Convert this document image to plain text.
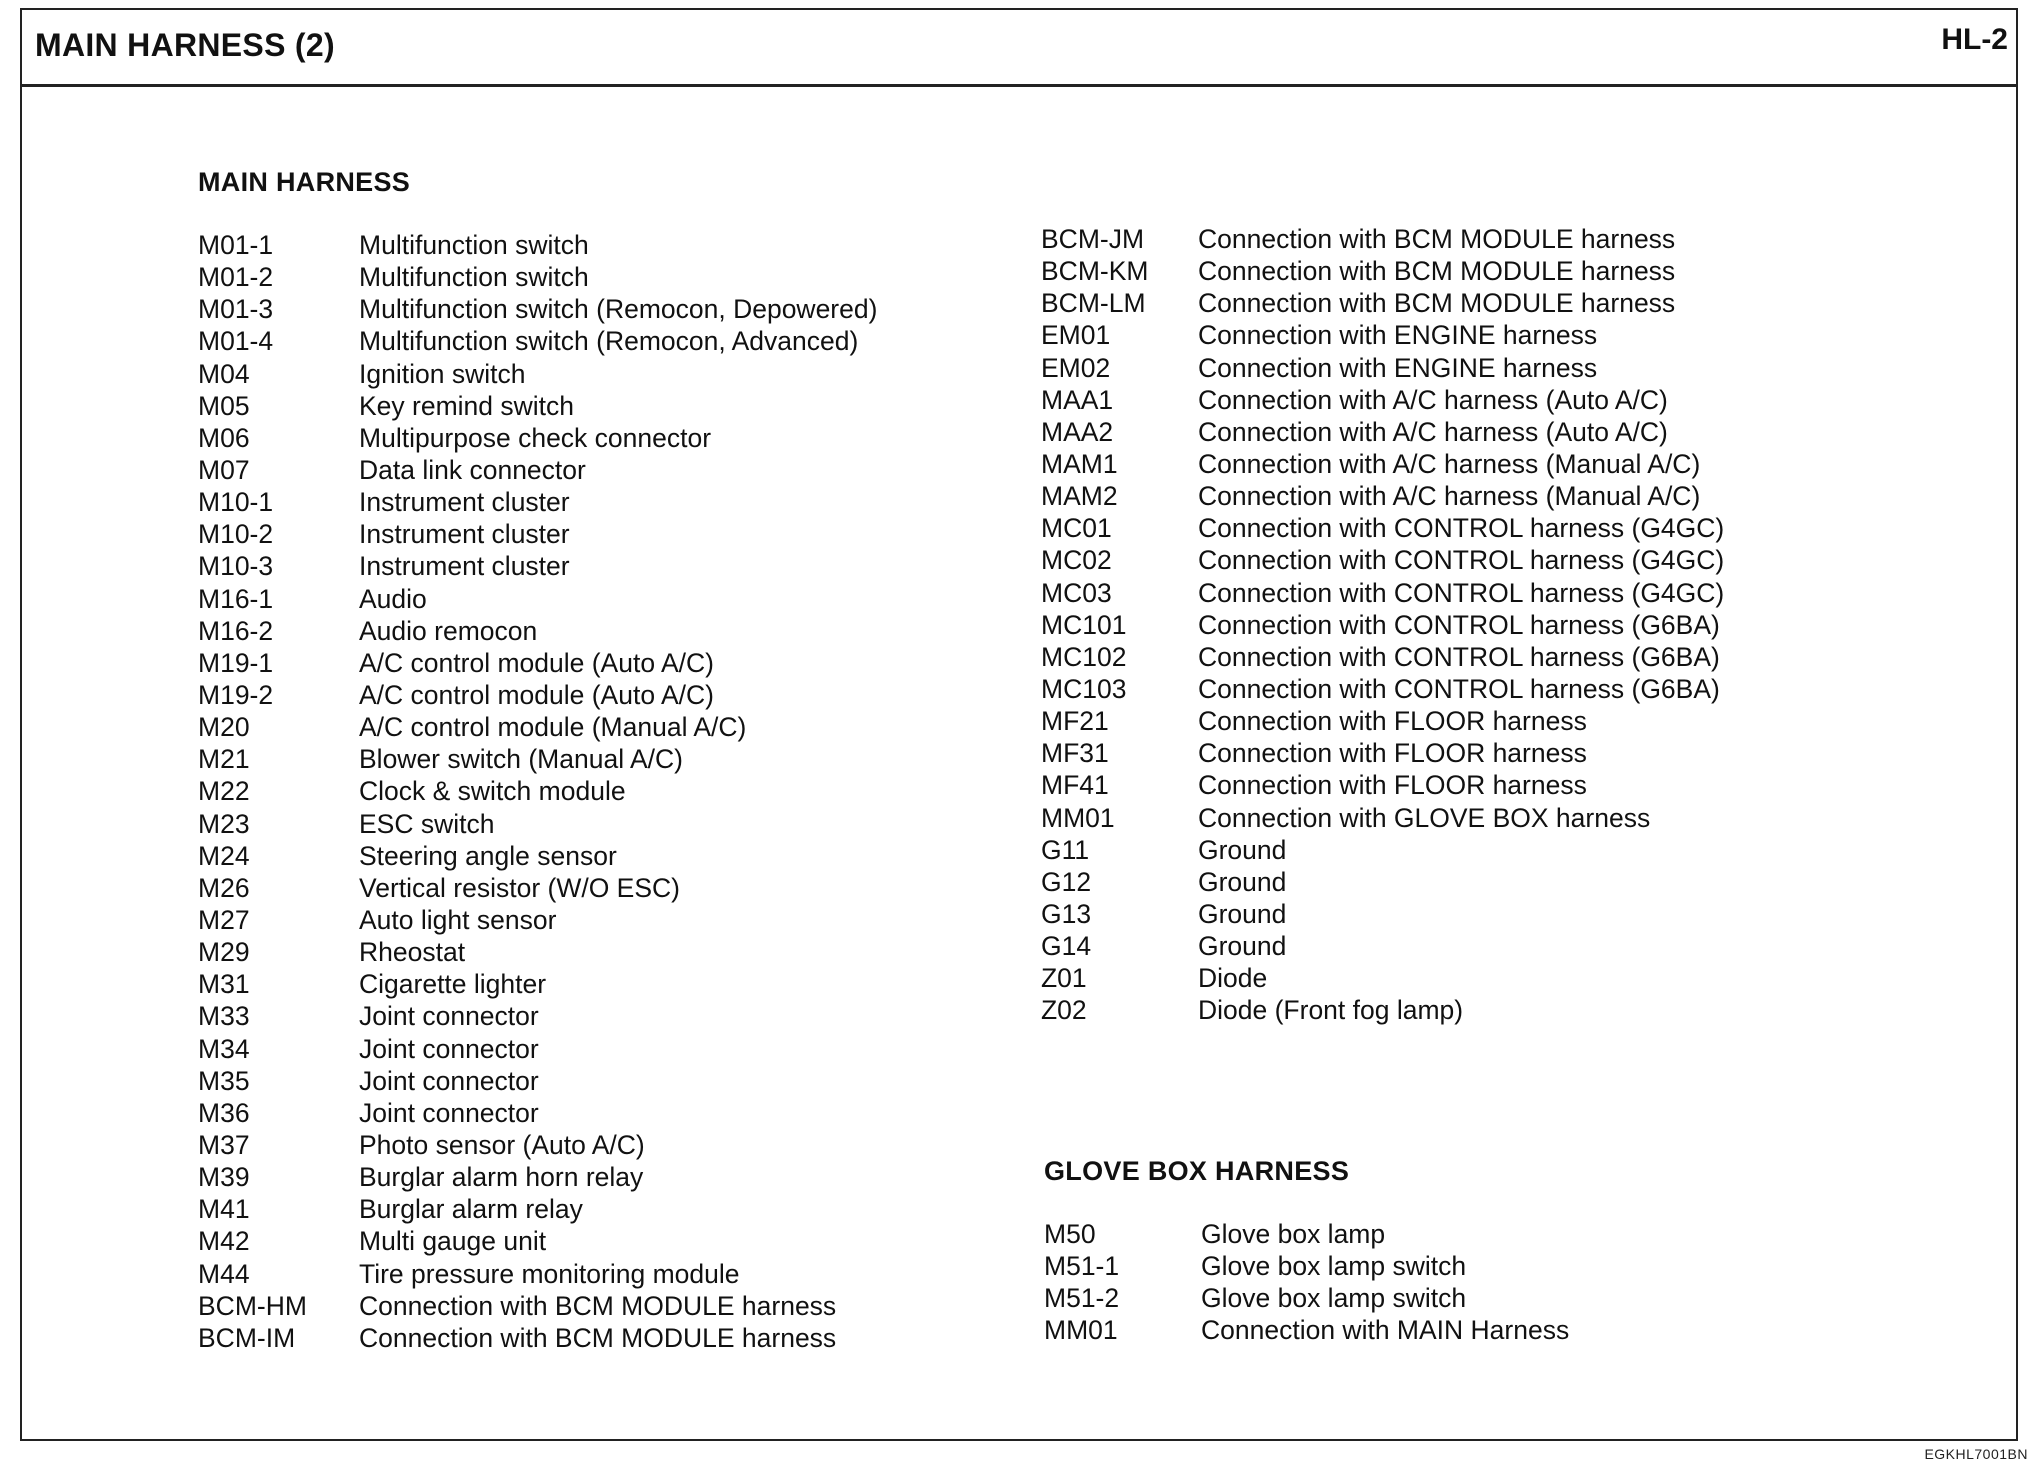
MAIN HARNESS (2)	HL-2
MAIN HARNESS
M01-1	Multifunction switch
M01-2	Multifunction switch
M01-3	Multifunction switch (Remocon, Depowered)
M01-4	Multifunction switch (Remocon, Advanced)
M04	Ignition switch
M05	Key remind switch
M06	Multipurpose check connector
M07	Data link connector
M10-1	Instrument cluster
M10-2	Instrument cluster
M10-3	Instrument cluster
M16-1	Audio
M16-2	Audio remocon
M19-1	A/C control module (Auto A/C)
M19-2	A/C control module (Auto A/C)
M20	A/C control module (Manual A/C)
M21	Blower switch (Manual A/C)
M22	Clock & switch module
M23	ESC switch
M24	Steering angle sensor
M26	Vertical resistor (W/O ESC)
M27	Auto light sensor
M29	Rheostat
M31	Cigarette lighter
M33	Joint connector
M34	Joint connector
M35	Joint connector
M36	Joint connector
M37	Photo sensor (Auto A/C)
M39	Burglar alarm horn relay
M41	Burglar alarm relay
M42	Multi gauge unit
M44	Tire pressure monitoring module
BCM-HM Connection with BCM MODULE harness
BCM-IM Connection with BCM MODULE harness
BCM-JM Connection with BCM MODULE harness
BCM-KM Connection with BCM MODULE harness
BCM-LM Connection with BCM MODULE harness
EM01	Connection with ENGINE harness
EM02	Connection with ENGINE harness
MAA1	Connection with A/C harness (Auto A/C)
MAA2	Connection with A/C harness (Auto A/C)
MAM1	Connection with A/C harness (Manual A/C)
MAM2	Connection with A/C harness (Manual A/C)
MC01	Connection with CONTROL harness (G4GC)
MC02	Connection with CONTROL harness (G4GC)
MC03	Connection with CONTROL harness (G4GC)
MC101	Connection with CONTROL harness (G6BA)
MC102	Connection with CONTROL harness (G6BA)
MC103	Connection with CONTROL harness (G6BA)
MF21	Connection with FLOOR harness
MF31	Connection with FLOOR harness
MF41	Connection with FLOOR harness
MM01	Connection with GLOVE BOX harness
G11	Ground
G12	Ground
G13	Ground
G14	Ground
Z01	Diode
Z02	Diode (Front fog lamp)
GLOVE BOX HARNESS
M50	Glove box lamp
M51-1	Glove box lamp switch
M51-2	Glove box lamp switch
MM01	Connection with MAIN Harness
EGKHL7001BN
